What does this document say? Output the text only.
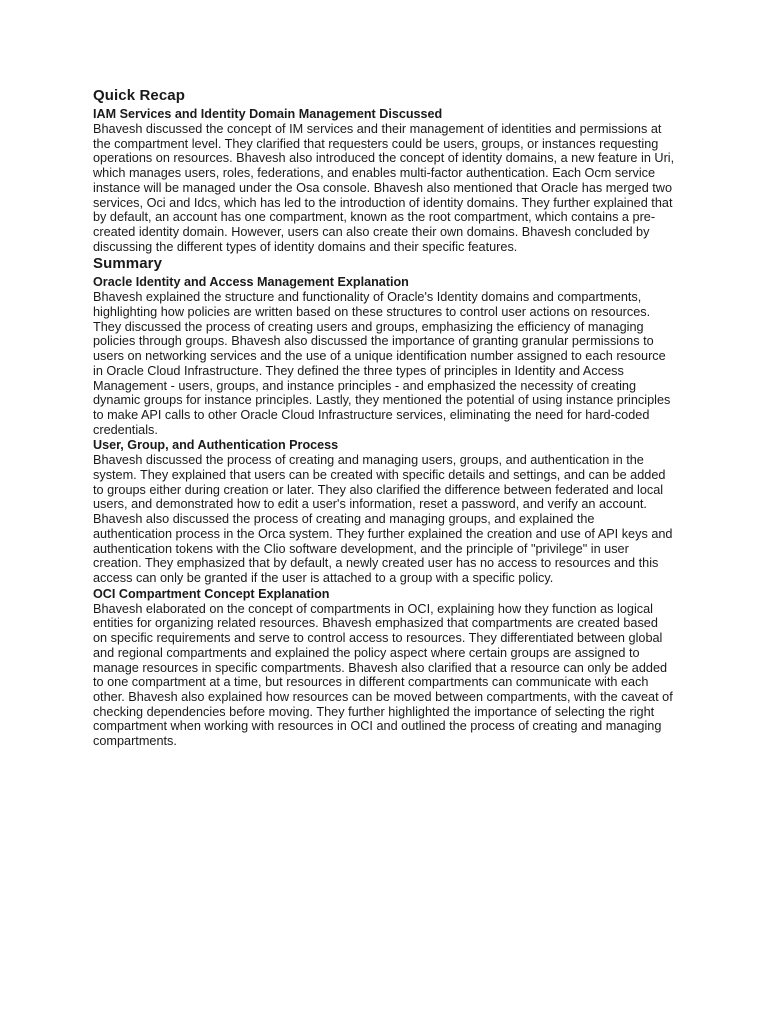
Quick Recap
IAM Services and Identity Domain Management Discussed

Bhavesh discussed the concept of IM services and their management of identities and permissions at the compartment level. They clarified that requesters could be users, groups, or instances requesting operations on resources. Bhavesh also introduced the concept of identity domains, a new feature in Uri, which manages users, roles, federations, and enables multi-factor authentication. Each Ocm service instance will be managed under the Osa console. Bhavesh also mentioned that Oracle has merged two services, Oci and Idcs, which has led to the introduction of identity domains. They further explained that by default, an account has one compartment, known as the root compartment, which contains a pre-created identity domain. However, users can also create their own domains. Bhavesh concluded by discussing the different types of identity domains and their specific features.

Summary
Oracle Identity and Access Management Explanation

Bhavesh explained the structure and functionality of Oracle's Identity domains and compartments, highlighting how policies are written based on these structures to control user actions on resources. They discussed the process of creating users and groups, emphasizing the efficiency of managing policies through groups. Bhavesh also discussed the importance of granting granular permissions to users on networking services and the use of a unique identification number assigned to each resource in Oracle Cloud Infrastructure. They defined the three types of principles in Identity and Access Management - users, groups, and instance principles - and emphasized the necessity of creating dynamic groups for instance principles. Lastly, they mentioned the potential of using instance principles to make API calls to other Oracle Cloud Infrastructure services, eliminating the need for hard-coded credentials.

User, Group, and Authentication Process

Bhavesh discussed the process of creating and managing users, groups, and authentication in the system. They explained that users can be created with specific details and settings, and can be added to groups either during creation or later. They also clarified the difference between federated and local users, and demonstrated how to edit a user's information, reset a password, and verify an account. Bhavesh also discussed the process of creating and managing groups, and explained the authentication process in the Orca system. They further explained the creation and use of API keys and authentication tokens with the Clio software development, and the principle of "privilege" in user creation. They emphasized that by default, a newly created user has no access to resources and this access can only be granted if the user is attached to a group with a specific policy.

OCI Compartment Concept Explanation

Bhavesh elaborated on the concept of compartments in OCI, explaining how they function as logical entities for organizing related resources. Bhavesh emphasized that compartments are created based on specific requirements and serve to control access to resources. They differentiated between global and regional compartments and explained the policy aspect where certain groups are assigned to manage resources in specific compartments. Bhavesh also clarified that a resource can only be added to one compartment at a time, but resources in different compartments can communicate with each other. Bhavesh also explained how resources can be moved between compartments, with the caveat of checking dependencies before moving. They further highlighted the importance of selecting the right compartment when working with resources in OCI and outlined the process of creating and managing compartments.
